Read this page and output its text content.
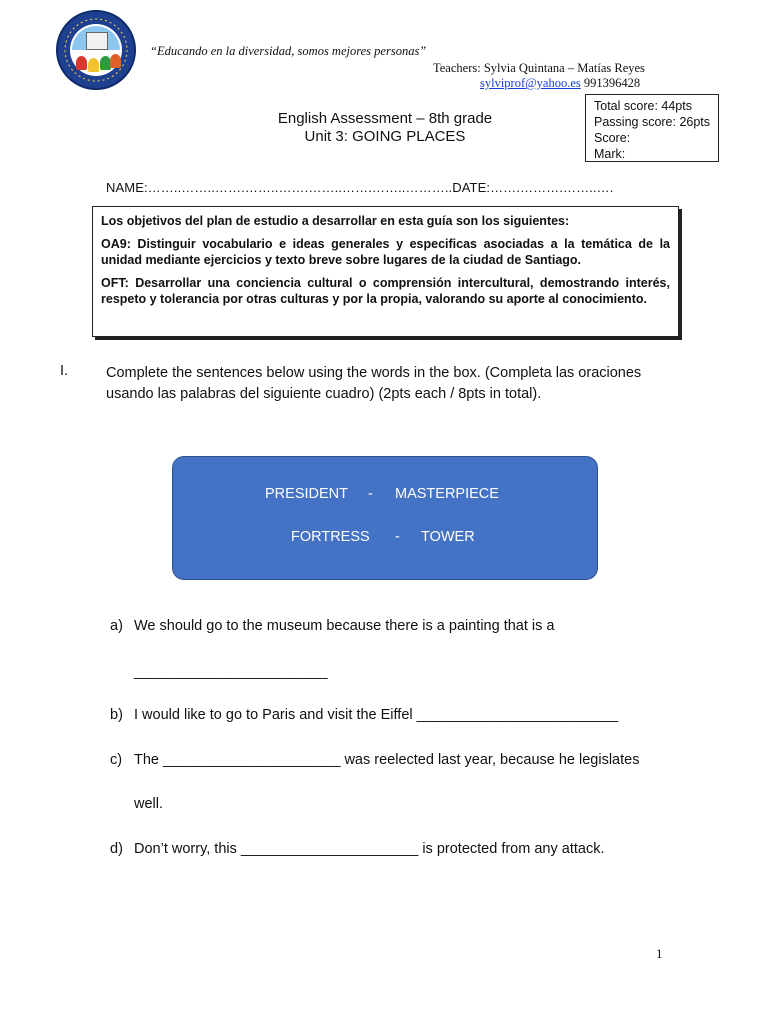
“Educando en la diversidad, somos mejores personas”
Teachers: Sylvia Quintana – Matías Reyes
sylviprof@yahoo.es 991396428
English Assessment – 8th grade
Unit 3: GOING PLACES
Total score: 44pts
Passing score: 26pts
Score:
Mark:
NAME:……..……..…….……..…….……..…….……..………..DATE:…….……….……..….

Los objetivos del plan de estudio a desarrollar en esta guía son los siguientes:

OA9: Distinguir vocabulario e ideas generales y especificas asociadas a la temática de la unidad mediante ejercicios y texto breve sobre lugares de la ciudad de Santiago.

OFT: Desarrollar una conciencia cultural o comprensión intercultural, demostrando interés, respeto y tolerancia por otras culturas y por la propia, valorando su aporte al conocimiento.

I.	Complete the sentences below using the words in the box. (Completa las oraciones usando las palabras del siguiente cuadro) (2pts each / 8pts in total).
PRESIDENT - MASTERPIECE
FORTRESS - TOWER
a) We should go to the museum because there is a painting that is a
________________________
b) I would like to go to Paris and visit the Eiffel _________________________
c) The ______________________ was reelected last year, because he legislates
well.
d) Don’t worry, this ______________________ is protected from any attack.
1
